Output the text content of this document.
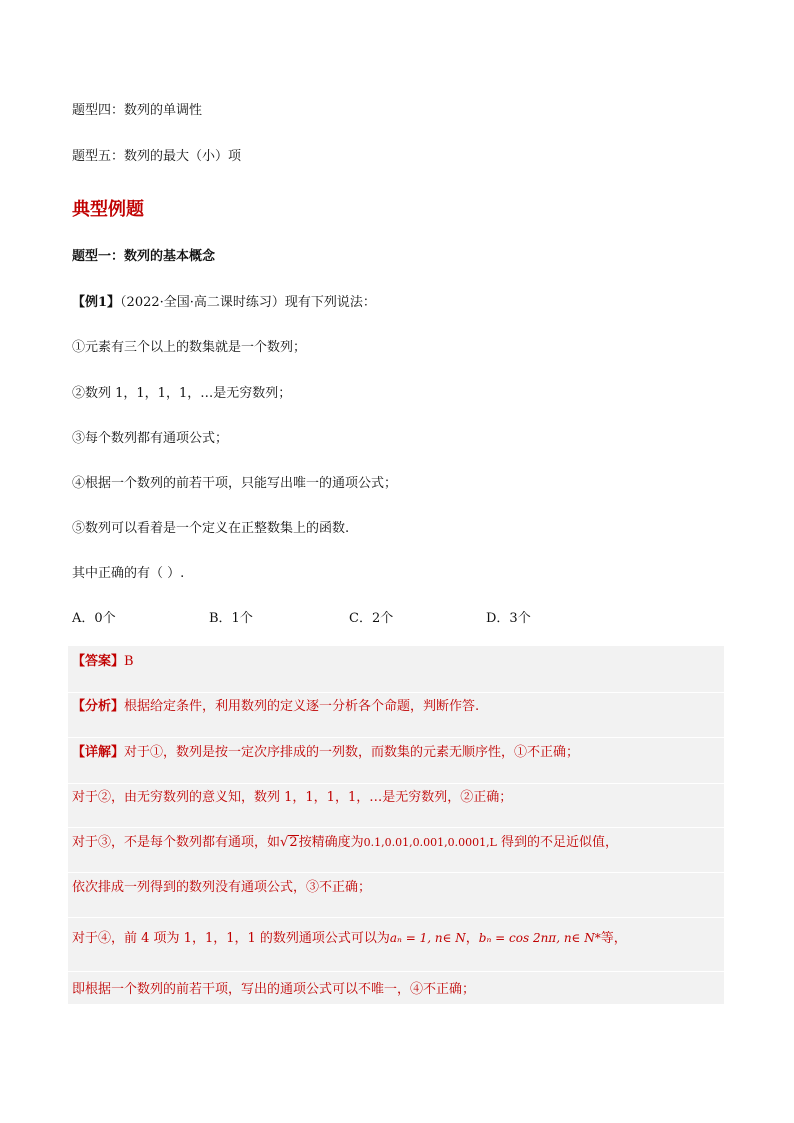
题型四：数列的单调性
题型五：数列的最大（小）项
典型例题
题型一：数列的基本概念
【例1】（2022·全国·高二课时练习）现有下列说法：
①元素有三个以上的数集就是一个数列；
②数列 1，1，1，1，…是无穷数列；
③每个数列都有通项公式；
④根据一个数列的前若干项，只能写出唯一的通项公式；
⑤数列可以看着是一个定义在正整数集上的函数.
其中正确的有（ ）.
A．0个	B．1个	C．2个	D．3个
【答案】B
【分析】根据给定条件，利用数列的定义逐一分析各个命题，判断作答.
【详解】对于①，数列是按一定次序排成的一列数，而数集的元素无顺序性，①不正确；
对于②，由无穷数列的意义知，数列 1，1，1，1，…是无穷数列，②正确；
对于③，不是每个数列都有通项，如√2按精确度为0.1,0.01,0.001,0.0001,L 得到的不足近似值，
依次排成一列得到的数列没有通项公式，③不正确；
对于④，前 4 项为 1，1，1，1 的数列通项公式可以为aₙ = 1, n∈ N，bₙ = cos 2nπ, n∈ N*等，
即根据一个数列的前若干项，写出的通项公式可以不唯一，④不正确；
